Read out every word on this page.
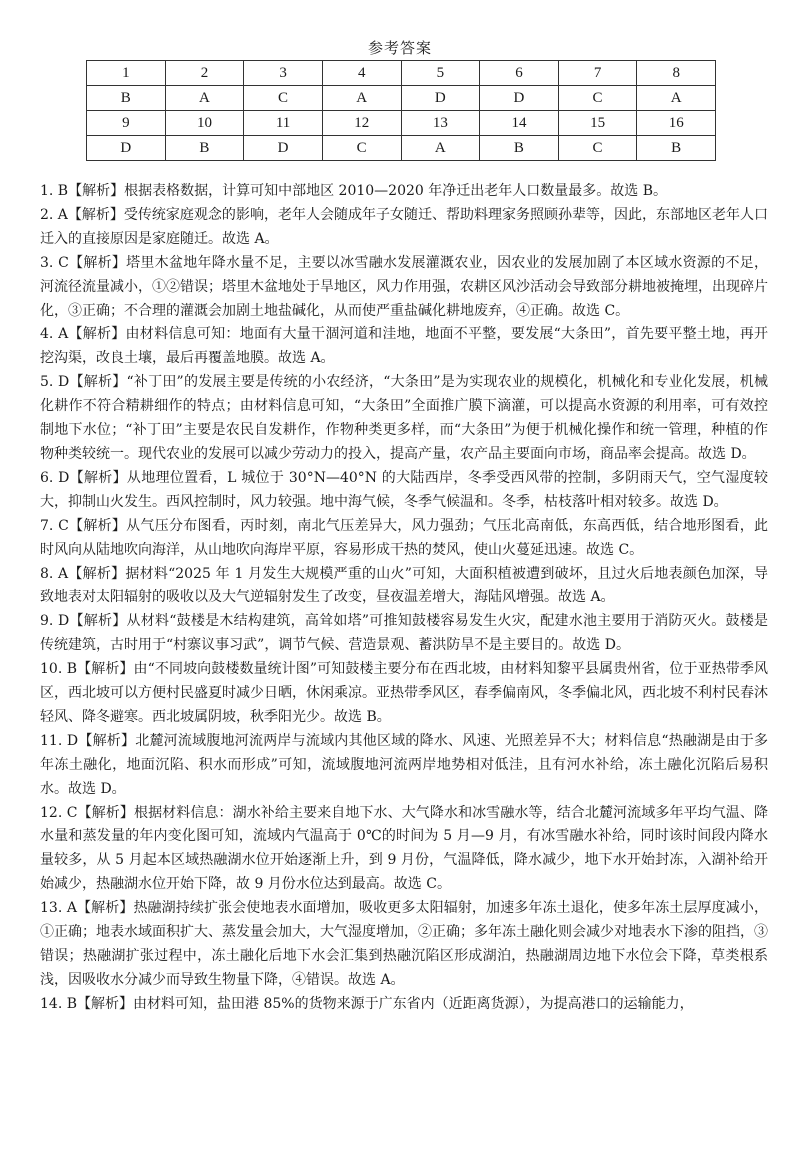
参考答案
1	2	3	4	5	6	7	8
B	A	C	A	D	D	C	A
9	10	11	12	13	14	15	16
D	B	D	C	A	B	C	B

1. B【解析】根据表格数据，计算可知中部地区 2010—2020 年净迁出老年人口数量最多。故选 B。

2. A【解析】受传统家庭观念的影响，老年人会随成年子女随迁、帮助料理家务照顾孙辈等，因此，东部地区老年人口迁入的直接原因是家庭随迁。故选 A。

3. C【解析】塔里木盆地年降水量不足，主要以冰雪融水发展灌溉农业，因农业的发展加剧了本区域水资源的不足，河流径流量减小，①②错误；塔里木盆地处于旱地区，风力作用强，农耕区风沙活动会导致部分耕地被掩埋，出现碎片化，③正确；不合理的灌溉会加剧土地盐碱化，从而使严重盐碱化耕地废弃，④正确。故选 C。

4. A【解析】由材料信息可知：地面有大量干涸河道和洼地，地面不平整，要发展“大条田”，首先要平整土地，再开挖沟渠，改良土壤，最后再覆盖地膜。故选 A。

5. D【解析】“补丁田”的发展主要是传统的小农经济，“大条田”是为实现农业的规模化，机械化和专业化发展，机械化耕作不符合精耕细作的特点；由材料信息可知，“大条田”全面推广膜下滴灌，可以提高水资源的利用率，可有效控制地下水位；“补丁田”主要是农民自发耕作，作物种类更多样，而“大条田”为便于机械化操作和统一管理，种植的作物种类较统一。现代农业的发展可以减少劳动力的投入，提高产量，农产品主要面向市场，商品率会提高。故选 D。

6. D【解析】从地理位置看，L 城位于 30°N—40°N 的大陆西岸，冬季受西风带的控制，多阴雨天气，空气湿度较大，抑制山火发生。西风控制时，风力较强。地中海气候，冬季气候温和。冬季，枯枝落叶相对较多。故选 D。

7. C【解析】从气压分布图看，丙时刻，南北气压差异大，风力强劲；气压北高南低，东高西低，结合地形图看，此时风向从陆地吹向海洋，从山地吹向海岸平原，容易形成干热的焚风，使山火蔓延迅速。故选 C。

8. A【解析】据材料“2025 年 1 月发生大规模严重的山火”可知，大面积植被遭到破坏，且过火后地表颜色加深，导致地表对太阳辐射的吸收以及大气逆辐射发生了改变，昼夜温差增大，海陆风增强。故选 A。

9. D【解析】从材料“鼓楼是木结构建筑，高耸如塔”可推知鼓楼容易发生火灾，配建水池主要用于消防灭火。鼓楼是传统建筑，古时用于“村寨议事习武”，调节气候、营造景观、蓄洪防旱不是主要目的。故选 D。

10. B【解析】由“不同坡向鼓楼数量统计图”可知鼓楼主要分布在西北坡，由材料知黎平县属贵州省，位于亚热带季风区，西北坡可以方便村民盛夏时减少日晒，休闲乘凉。亚热带季风区，春季偏南风，冬季偏北风，西北坡不利村民春沐轻风、降冬避寒。西北坡属阴坡，秋季阳光少。故选 B。

11. D【解析】北麓河流域腹地河流两岸与流域内其他区域的降水、风速、光照差异不大；材料信息“热融湖是由于多年冻土融化，地面沉陷、积水而形成”可知，流域腹地河流两岸地势相对低洼，且有河水补给，冻土融化沉陷后易积水。故选 D。

12. C【解析】根据材料信息：湖水补给主要来自地下水、大气降水和冰雪融水等，结合北麓河流域多年平均气温、降水量和蒸发量的年内变化图可知，流域内气温高于 0℃的时间为 5 月—9 月，有冰雪融水补给，同时该时间段内降水量较多，从 5 月起本区域热融湖水位开始逐渐上升，到 9 月份，气温降低，降水减少，地下水开始封冻，入湖补给开始减少，热融湖水位开始下降，故 9 月份水位达到最高。故选 C。

13. A【解析】热融湖持续扩张会使地表水面增加，吸收更多太阳辐射，加速多年冻土退化，使多年冻土层厚度减小，①正确；地表水域面积扩大、蒸发量会加大，大气湿度增加，②正确；多年冻土融化则会减少对地表水下渗的阻挡，③错误；热融湖扩张过程中，冻土融化后地下水会汇集到热融沉陷区形成湖泊，热融湖周边地下水位会下降，草类根系浅，因吸收水分减少而导致生物量下降，④错误。故选 A。

14. B【解析】由材料可知，盐田港 85%的货物来源于广东省内（近距离货源），为提高港口的运输能力，
